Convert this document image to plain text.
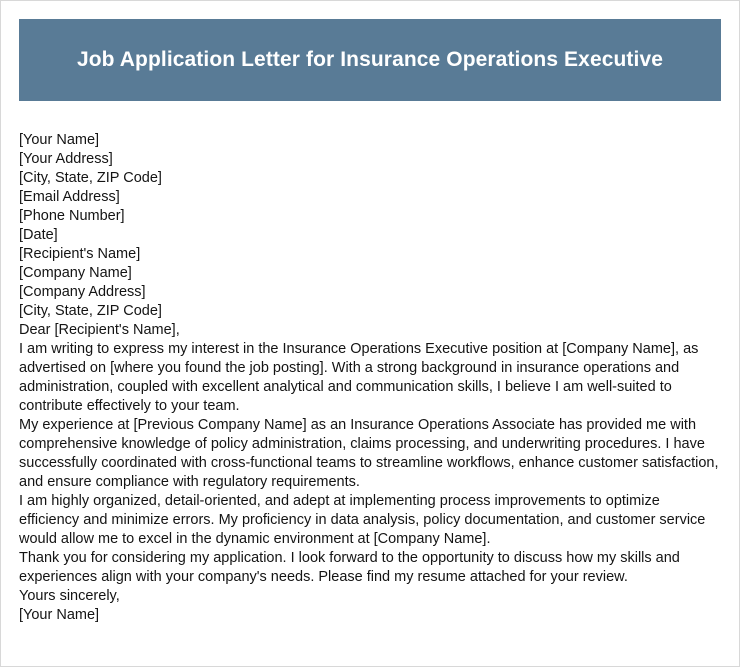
Job Application Letter for Insurance Operations Executive

[Your Name]

[Your Address]

[City, State, ZIP Code]

[Email Address]

[Phone Number]

[Date]

[Recipient's Name]

[Company Name]

[Company Address]

[City, State, ZIP Code]

Dear [Recipient's Name],

I am writing to express my interest in the Insurance Operations Executive position at [Company Name], as advertised on [where you found the job posting]. With a strong background in insurance operations and administration, coupled with excellent analytical and communication skills, I believe I am well-suited to contribute effectively to your team.

My experience at [Previous Company Name] as an Insurance Operations Associate has provided me with comprehensive knowledge of policy administration, claims processing, and underwriting procedures. I have successfully coordinated with cross-functional teams to streamline workflows, enhance customer satisfaction, and ensure compliance with regulatory requirements.

I am highly organized, detail-oriented, and adept at implementing process improvements to optimize efficiency and minimize errors. My proficiency in data analysis, policy documentation, and customer service would allow me to excel in the dynamic environment at [Company Name].

Thank you for considering my application. I look forward to the opportunity to discuss how my skills and experiences align with your company's needs. Please find my resume attached for your review.

Yours sincerely,

[Your Name]
